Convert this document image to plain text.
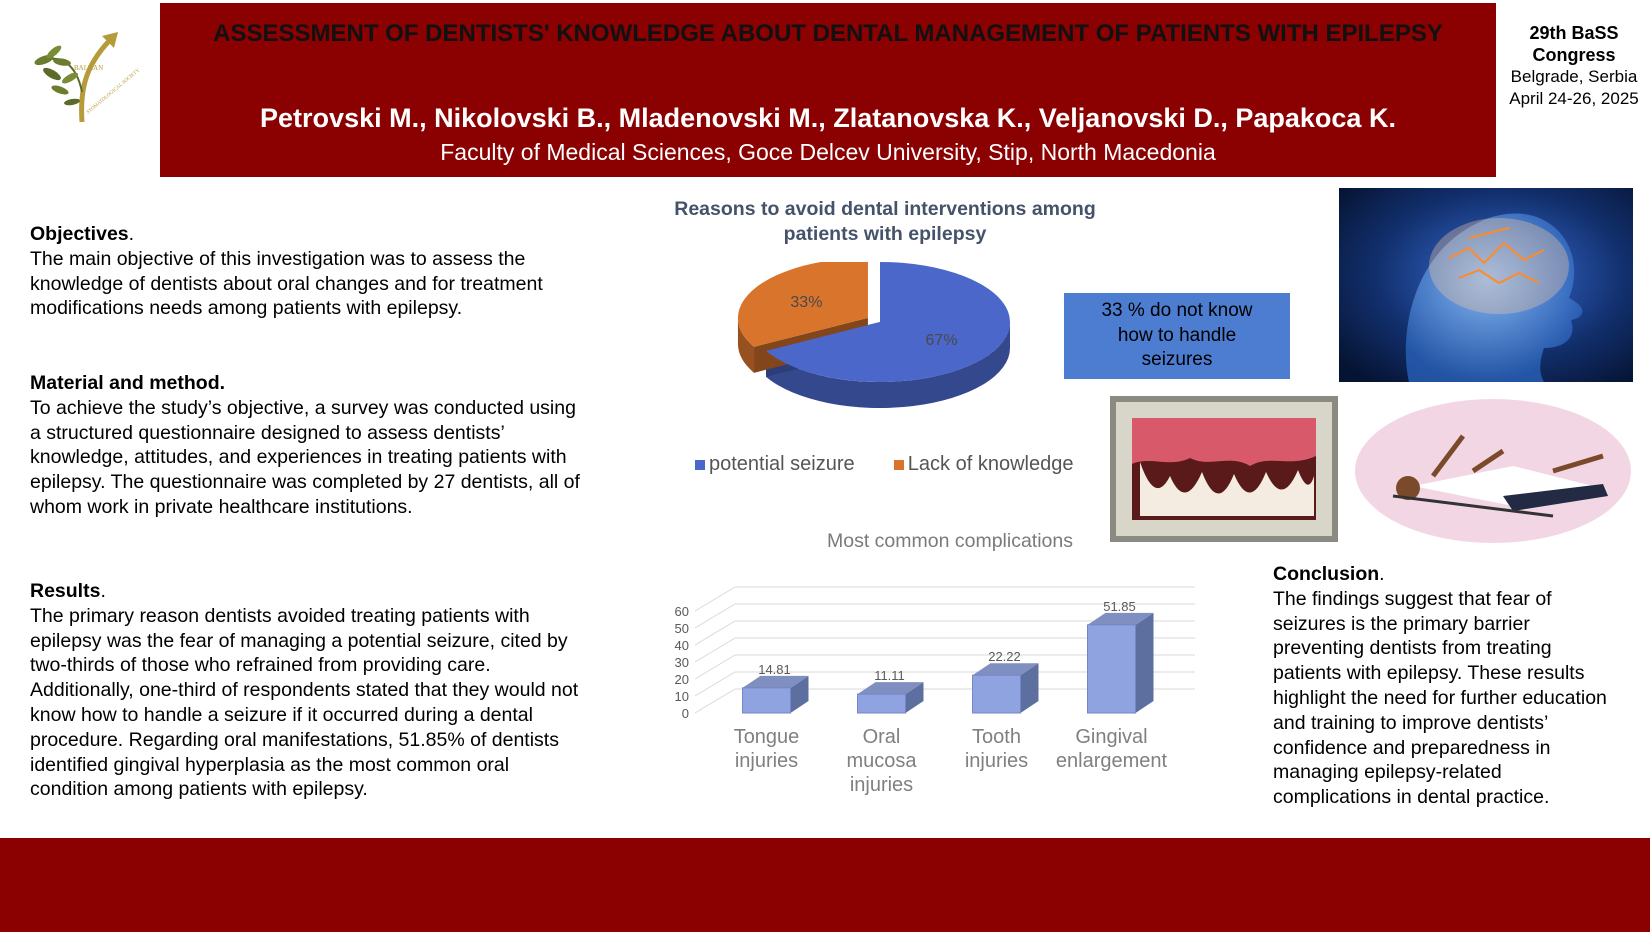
ASSESSMENT OF DENTISTS' KNOWLEDGE ABOUT DENTAL MANAGEMENT OF PATIENTS WITH EPILEPSY
Petrovski M., Nikolovski B., Mladenovski M., Zlatanovska K., Veljanovski D., Papakoca K.
Faculty of Medical Sciences, Goce Delcev University, Stip, North Macedonia
BALKAN
STOMATOLOGICAL SOCIETY
29th BaSS
Congress
Belgrade, Serbia
April 24-26, 2025
Objectives.

The main objective of this investigation was to assess the knowledge of dentists about oral changes and for treatment modifications needs among patients with epilepsy.

Material and method.

To achieve the study’s objective, a survey was conducted using a structured questionnaire designed to assess dentists’ knowledge, attitudes, and experiences in treating patients with epilepsy. The questionnaire was completed by 27 dentists, all of whom work in private healthcare institutions.

Results.

The primary reason dentists avoided treating patients with epilepsy was the fear of managing a potential seizure, cited by two-thirds of those who refrained from providing care. Additionally, one-third of respondents stated that they would not know how to handle a seizure if it occurred during a dental procedure. Regarding oral manifestations, 51.85% of dentists identified gingival hyperplasia as the most common oral condition among patients with epilepsy.

Reasons to avoid dental interventions among patients with epilepsy
67%
33%
potential seizure	Lack of knowledge
33 % do not know how to handle seizures
Most common complications
0
10
20
30
40
50
60
14.81
Tongue
injuries
11.11
Oral
mucosa
injuries
22.22
Tooth
injuries
51.85
Gingival
enlargement
Conclusion.

The findings suggest that fear of seizures is the primary barrier preventing dentists from treating patients with epilepsy. These results highlight the need for further education and training to improve dentists’ confidence and preparedness in managing epilepsy-related complications in dental practice.
